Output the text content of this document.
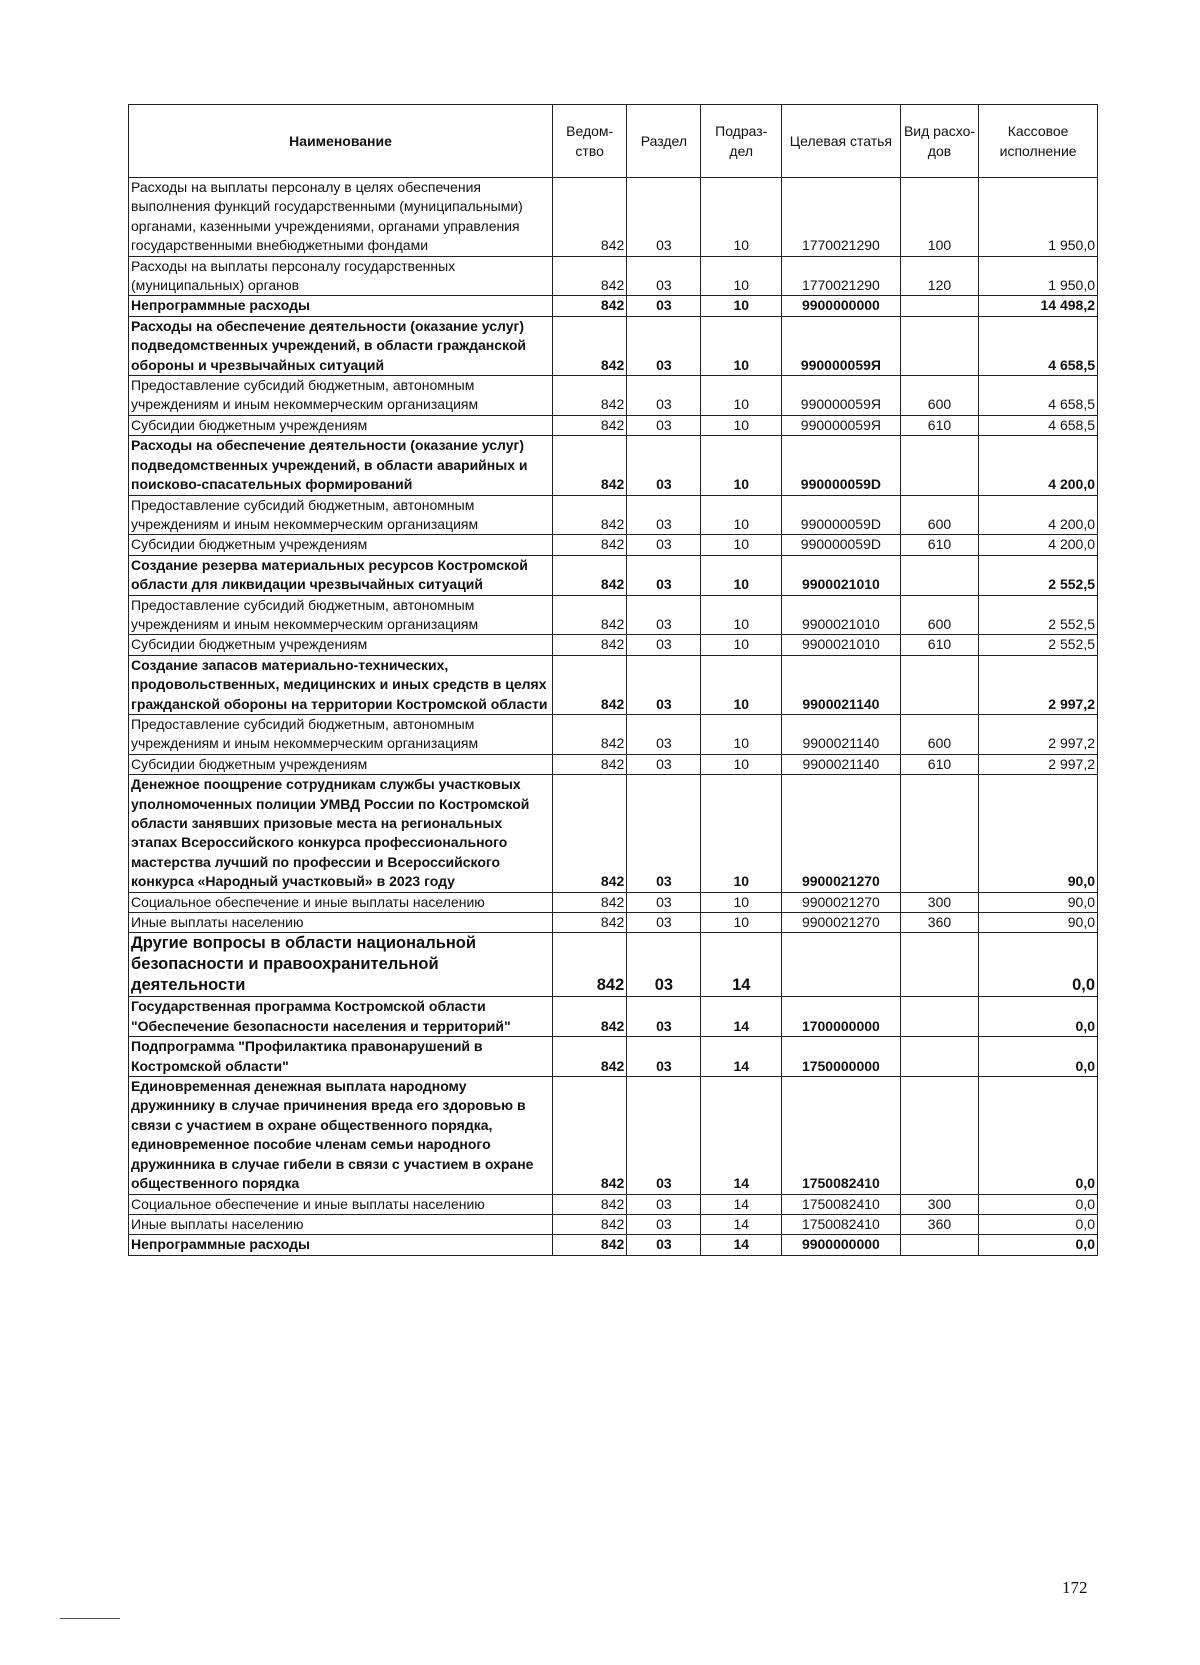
Наименование	Ведом-ство	Раздел	Подраз-дел	Целевая статья	Вид расхо-дов	Кассовое исполнение
Расходы на выплаты персоналу в целях обеспечения выполнения функций государственными (муниципальными) органами, казенными учреждениями, органами управления государственными внебюджетными фондами	842	03	10	1770021290	100	1 950,0
Расходы на выплаты персоналу государственных (муниципальных) органов	842	03	10	1770021290	120	1 950,0
Непрограммные расходы	842	03	10	9900000000		14 498,2
Расходы на обеспечение деятельности (оказание услуг) подведомственных учреждений, в области гражданской обороны и чрезвычайных ситуаций	842	03	10	990000059Я		4 658,5
Предоставление субсидий бюджетным, автономным учреждениям и иным некоммерческим организациям	842	03	10	990000059Я	600	4 658,5
Субсидии бюджетным учреждениям	842	03	10	990000059Я	610	4 658,5
Расходы на обеспечение деятельности (оказание услуг) подведомственных учреждений, в области аварийных и поисково-спасательных формирований	842	03	10	990000059D		4 200,0
Предоставление субсидий бюджетным, автономным учреждениям и иным некоммерческим организациям	842	03	10	990000059D	600	4 200,0
Субсидии бюджетным учреждениям	842	03	10	990000059D	610	4 200,0
Создание резерва материальных ресурсов Костромской области для ликвидации чрезвычайных ситуаций	842	03	10	9900021010		2 552,5
Предоставление субсидий бюджетным, автономным учреждениям и иным некоммерческим организациям	842	03	10	9900021010	600	2 552,5
Субсидии бюджетным учреждениям	842	03	10	9900021010	610	2 552,5
Создание запасов материально-технических, продовольственных, медицинских и иных средств в целях гражданской обороны на территории Костромской области	842	03	10	9900021140		2 997,2
Предоставление субсидий бюджетным, автономным учреждениям и иным некоммерческим организациям	842	03	10	9900021140	600	2 997,2
Субсидии бюджетным учреждениям	842	03	10	9900021140	610	2 997,2
Денежное поощрение сотрудникам службы участковых уполномоченных полиции УМВД России по Костромской области занявших призовые места на региональных этапах Всероссийского конкурса профессионального мастерства лучший по профессии и Всероссийского конкурса «Народный участковый» в 2023 году	842	03	10	9900021270		90,0
Социальное обеспечение и иные выплаты населению	842	03	10	9900021270	300	90,0
Иные выплаты населению	842	03	10	9900021270	360	90,0
Другие вопросы в области национальной безопасности и правоохранительной деятельности	842	03	14			0,0
Государственная программа Костромской области "Обеспечение безопасности населения и территорий"	842	03	14	1700000000		0,0
Подпрограмма "Профилактика правонарушений в Костромской области"	842	03	14	1750000000		0,0
Единовременная денежная выплата народному дружиннику в случае причинения вреда его здоровью в связи с участием в охране общественного порядка, единовременное пособие членам семьи народного дружинника в случае гибели в связи с участием в охране общественного порядка	842	03	14	1750082410		0,0
Социальное обеспечение и иные выплаты населению	842	03	14	1750082410	300	0,0
Иные выплаты населению	842	03	14	1750082410	360	0,0
Непрограммные расходы	842	03	14	9900000000		0,0
172
